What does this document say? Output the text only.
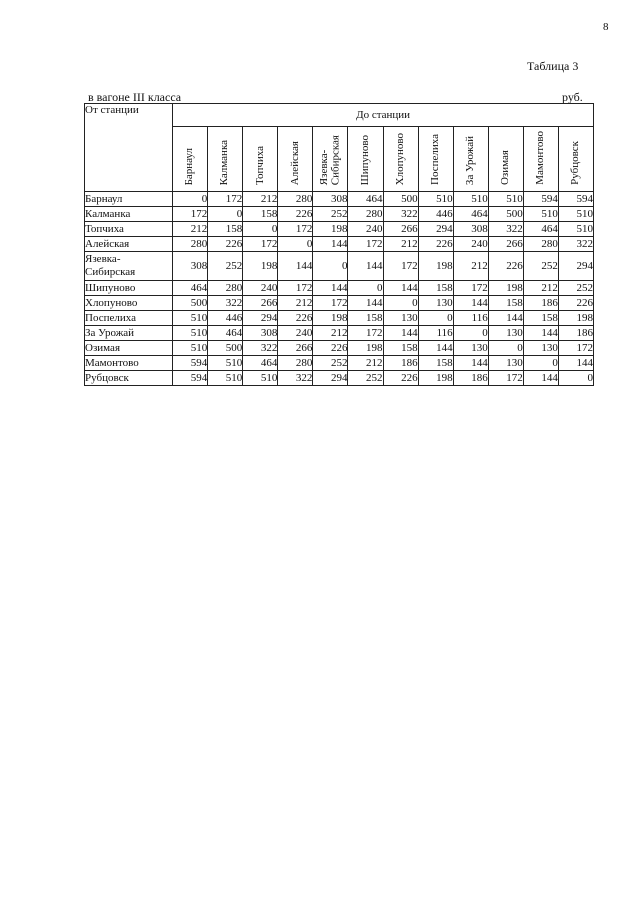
8
Таблица 3
в вагоне III класса	руб.
От станции	До станции											
	Барнаул	Калманка	Топчиха	Алейская	Язевка-
Сибирская	Шипуново	Хлопуново	Поспелиха	За Урожай	Озимая	Мамонтово	Рубцовск
Барнаул	0	172	212	280	308	464	500	510	510	510	594	594
Калманка	172	0	158	226	252	280	322	446	464	500	510	510
Топчиха	212	158	0	172	198	240	266	294	308	322	464	510
Алейская	280	226	172	0	144	172	212	226	240	266	280	322
Язевка-
Сибирская	308	252	198	144	0	144	172	198	212	226	252	294
Шипуново	464	280	240	172	144	0	144	158	172	198	212	252
Хлопуново	500	322	266	212	172	144	0	130	144	158	186	226
Поспелиха	510	446	294	226	198	158	130	0	116	144	158	198
За Урожай	510	464	308	240	212	172	144	116	0	130	144	186
Озимая	510	500	322	266	226	198	158	144	130	0	130	172
Мамонтово	594	510	464	280	252	212	186	158	144	130	0	144
Рубцовск	594	510	510	322	294	252	226	198	186	172	144	0
